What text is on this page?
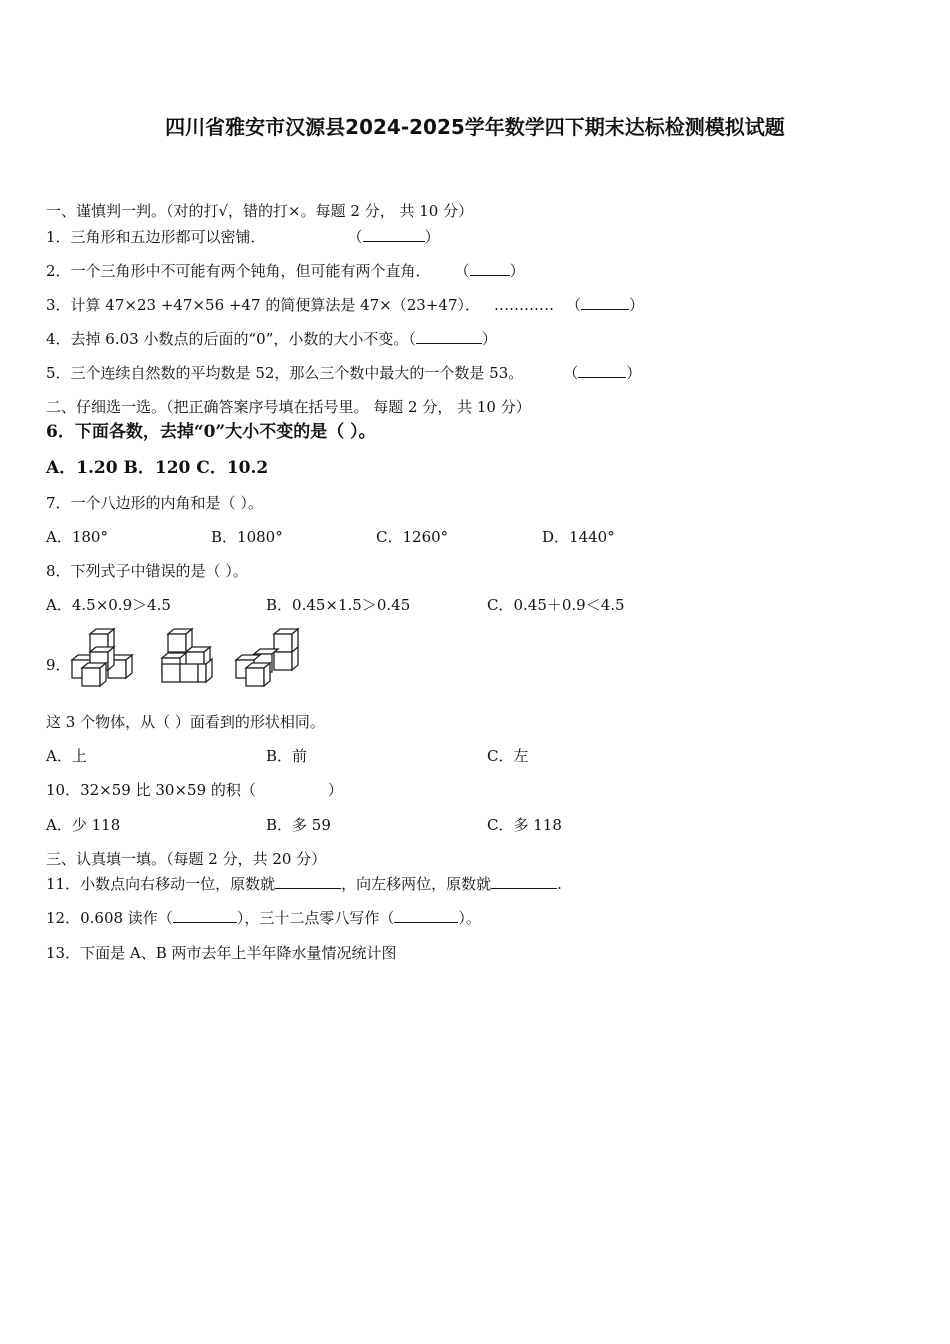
四川省雅安市汉源县2024-2025学年数学四下期末达标检测模拟试题
一、谨慎判一判。（对的打√，错的打×。每题 2 分， 共 10 分）
1．三角形和五边形都可以密铺．	（	）
2．一个三角形中不可能有两个钝角，但可能有两个直角． （	）
3．计算 47×23 +47×56 +47 的简便算法是 47×（23+47）． ………… （	）
4．去掉 6.03 小数点的后面的“0”，小数的大小不变。（	）
5．三个连续自然数的平均数是 52，那么三个数中最大的一个数是 53。	（	）
二、仔细选一选。（把正确答案序号填在括号里。 每题 2 分， 共 10 分）
6．下面各数，去掉“0”大小不变的是（ ）。
A．1.20 B．120 C．10.2
7．一个八边形的内角和是（ ）。
A．180°	B．1080°	C．1260°	D．1440°
8．下列式子中错误的是（ ）。
A．4.5×0.9＞4.5	B．0.45×1.5＞0.45	C．0.45＋0.9＜4.5
9．
这 3 个物体，从（ ）面看到的形状相同。
A．上	B．前	C．左
10．32×59 比 30×59 的积（	）
A．少 118	B．多 59	C．多 118
三、认真填一填。（每题 2 分，共 20 分）
11．小数点向右移动一位，原数就	，向左移两位，原数就	.
12．0.608 读作（	），三十二点零八写作（	）。
13．下面是 A、B 两市去年上半年降水量情况统计图
